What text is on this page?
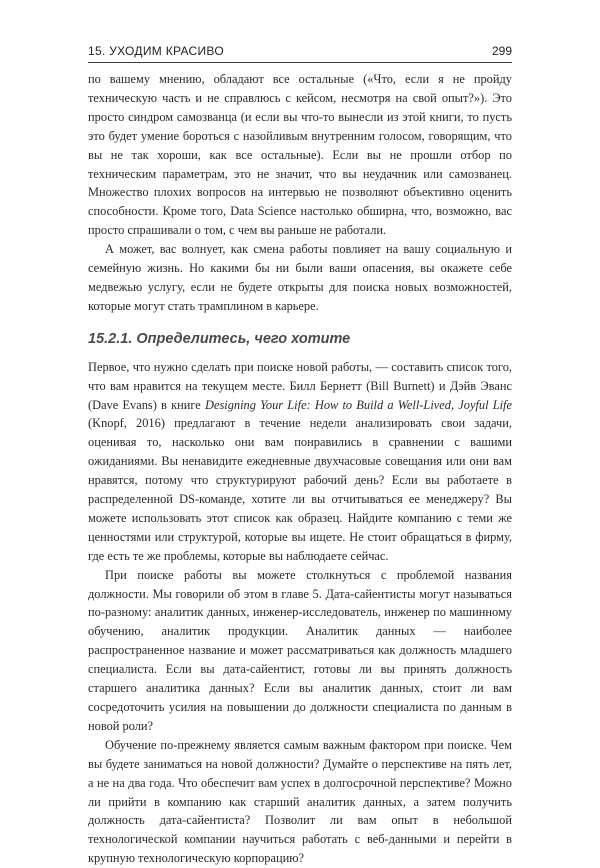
15. УХОДИМ КРАСИВО	299

по вашему мнению, обладают все остальные («Что, если я не пройду техническую часть и не справлюсь с кейсом, несмотря на свой опыт?»). Это просто синдром самозванца (и если вы что-то вынесли из этой книги, то пусть это будет умение бороться с назойливым внутренним голосом, говорящим, что вы не так хороши, как все остальные). Если вы не прошли отбор по техническим параметрам, это не значит, что вы неудачник или самозванец. Множество плохих вопросов на интервью не позволяют объективно оценить способности. Кроме того, Data Science настолько обширна, что, возможно, вас просто спрашивали о том, с чем вы раньше не работали.

А может, вас волнует, как смена работы повлияет на вашу социальную и семейную жизнь. Но какими бы ни были ваши опасения, вы окажете себе медвежью услугу, если не будете открыты для поиска новых возможностей, которые могут стать трамплином в карьере.

15.2.1. Определитесь, чего хотите

Первое, что нужно сделать при поиске новой работы, — составить список того, что вам нравится на текущем месте. Билл Бернетт (Bill Burnett) и Дэйв Эванс (Dave Evans) в книге Designing Your Life: How to Build a Well-Lived, Joyful Life (Knopf, 2016) предлагают в течение недели анализировать свои задачи, оценивая то, насколько они вам понравились в сравнении с вашими ожиданиями. Вы ненавидите ежедневные двухчасовые совещания или они вам нравятся, потому что структурируют рабочий день? Если вы работаете в распределенной DS-команде, хотите ли вы отчитываться ее менеджеру? Вы можете использовать этот список как образец. Найдите компанию с теми же ценностями или структурой, которые вы ищете. Не стоит обращаться в фирму, где есть те же проблемы, которые вы наблюдаете сейчас.

При поиске работы вы можете столкнуться с проблемой названия должности. Мы говорили об этом в главе 5. Дата-сайентисты могут называться по-разному: аналитик данных, инженер-исследователь, инженер по машинному обучению, аналитик продукции. Аналитик данных — наиболее распространенное название и может рассматриваться как должность младшего специалиста. Если вы дата-сайентист, готовы ли вы принять должность старшего аналитика данных? Если вы аналитик данных, стоит ли вам сосредоточить усилия на повышении до должности специалиста по данным в новой роли?

Обучение по-прежнему является самым важным фактором при поиске. Чем вы будете заниматься на новой должности? Думайте о перспективе на пять лет, а не на два года. Что обеспечит вам успех в долгосрочной перспективе? Можно ли прийти в компанию как старший аналитик данных, а затем получить должность дата-сайентиста? Позволит ли вам опыт в небольшой технологической компании научиться работать с веб-данными и перейти в крупную технологическую корпорацию?
